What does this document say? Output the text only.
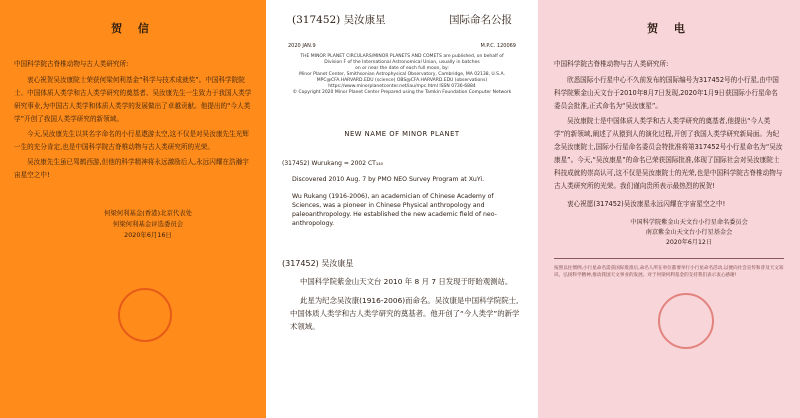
贺 信
中国科学院古脊椎动物与古人类研究所:

衷心祝贺吴汝康院士荣获何梁何利基金“科学与技术成就奖”。中国科学院院士、中国体质人类学和古人类学研究的奠基者、吴汝康先生一生致力于我国人类学研究事业,为中国古人类学和体质人类学的发展做出了卓越贡献。他提出的“今人类学”开创了我国人类学研究的新领域。

今天,吴汝康先生以其名字命名的小行星遨游太空,这不仅是对吴汝康先生光辉一生的充分肯定,也是中国科学院古脊椎动物与古人类研究所的光荣。

吴汝康先生虽已驾鹤西游,但他的科学精神将永远激励后人,永远闪耀在浩瀚宇宙星空之中!

何梁何利基金(香港)北京代表处
何梁何利基金评选委员会
2020年6月16日
(317452) 吴汝康星	国际命名公报
2020 JAN.9	M.P.C. 120069
THE MINOR PLANET CIRCULARS/MINOR PLANETS AND COMETS are published, on behalf of
Division F of the International Astronomical Union, usually in batches
on or near the date of each full moon, by:
Minor Planet Center, Smithsonian Astrophysical Observatory, Cambridge, MA 02138, U.S.A.
MPC@CFA.HARVARD.EDU (science) OBS@CFA.HARVARD.EDU (observations)
https://www.minorplanetcenter.net/iau/mpc.html ISSN 0736-6884
© Copyright 2020 Minor Planet Center Prepared using the Tamkin Foundation Computer Network
NEW NAME OF MINOR PLANET
(317452) Wurukang = 2002 CT₁₄₀
Discovered 2010 Aug. 7 by PMO NEO Survey Program at XuYi.
Wu Rukang (1916-2006), an academician of Chinese Academy of Sciences, was a pioneer in Chinese Physical anthropology and paleoanthropology. He established the new academic field of neo-anthropology.
(317452) 吴汝康星
中国科学院紫金山天文台 2010 年 8 月 7 日发现于盱眙观测站。
此星为纪念吴汝康(1916-2006)而命名。吴汝康是中国科学院院士,中国体质人类学和古人类学研究的奠基者。他开创了“今人类学”的新学术领域。
贺 电
中国科学院古脊椎动物与古人类研究所:

欣悉国际小行星中心不久前发布的国际编号为317452号的小行星,由中国科学院紫金山天文台于2010年8月7日发现,2020年1月9日获国际小行星命名委员会批准,正式命名为“吴汝康星”。

吴汝康院士是中国体质人类学和古人类学研究的奠基者,他提出“今人类学”的新领域,阐述了从猿到人的演化过程,开创了我国人类学研究新局面。为纪念吴汝康院士,国际小行星命名委员会特批准将第317452号小行星命名为“吴汝康星”。今天,“吴汝康星”的命名已荣获国际批准,体现了国际社会对吴汝康院士科技成就的崇高认可,这不仅是吴汝康院士的光荣,也是中国科学院古脊椎动物与古人类研究所的光荣。我们谨向贵所表示最热烈的祝贺!

衷心祝愿(317452)吴汝康星永远闪耀在宇宙星空之中!
中国科学院紫金山天文台小行星命名委员会
南京紫金山天文台小行星基金会
2020年6月12日
按照以往惯例,小行星命名需获国际批准后,命名人所在单位都要举行小行星命名活动,以便向社会宣传和普及天文知识、弘扬科学精神,推动我国天文事业的发展。对于何梁何利基金的支持我们表示衷心感谢!
